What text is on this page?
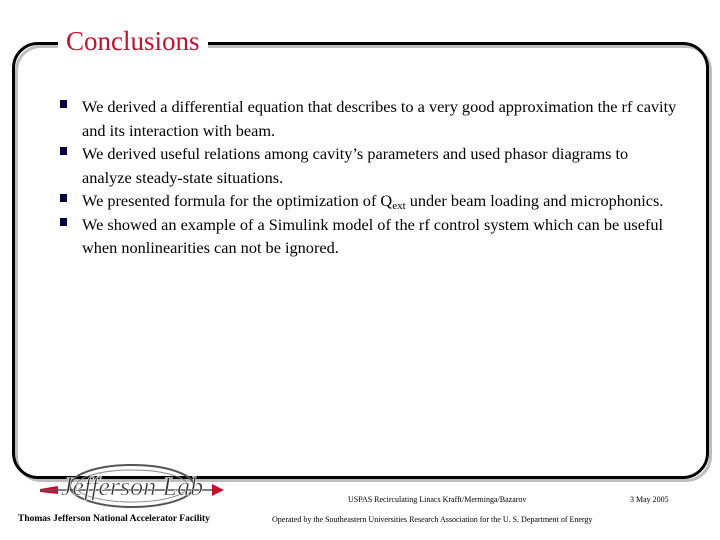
Conclusions
We derived a differential equation that describes to a very good approximation the rf cavity and its interaction with beam.
We derived useful relations among cavity’s parameters and used phasor diagrams to analyze steady-state situations.
We presented formula for the optimization of $Q_{ext}$ under beam loading and microphonics.
We showed an example of a Simulink model of the rf control system which can be useful when nonlinearities can not be ignored.
Jefferson Lab	USPAS Recirculating Linacs Krafft/Merminga/Bazarov	3 May 2005
Thomas Jefferson National Accelerator Facility	Operated by the Southeastern Universities Research Association for the U. S. Department of Energy
